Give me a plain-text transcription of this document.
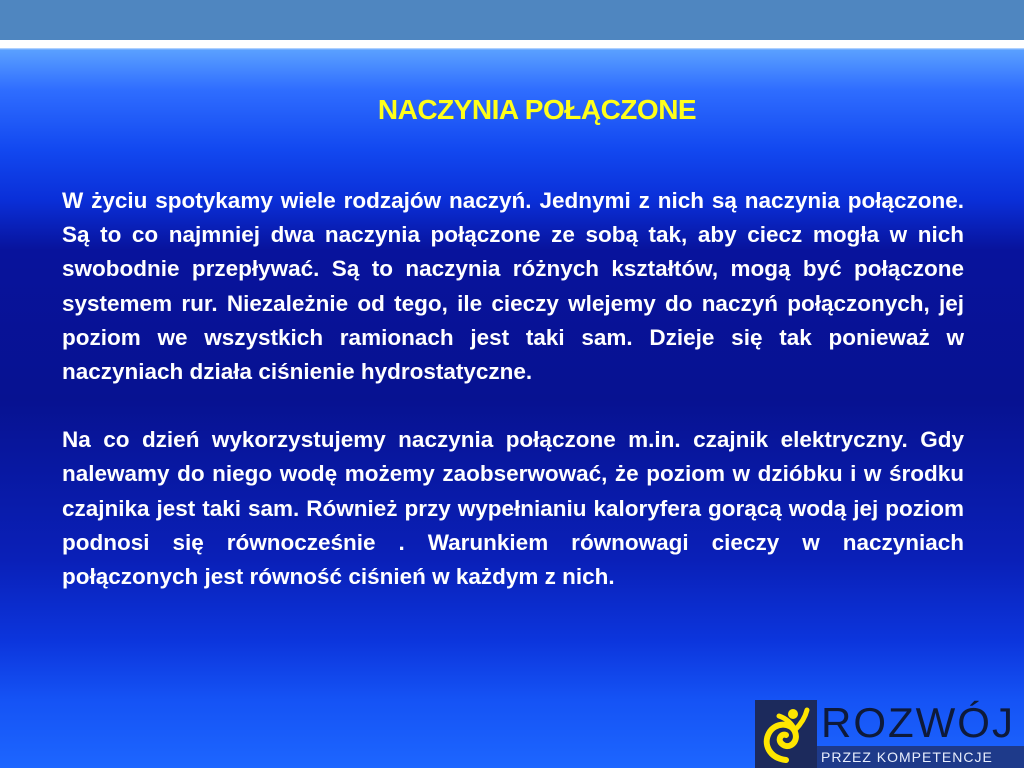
NACZYNIA POŁĄCZONE

W życiu spotykamy wiele rodzajów naczyń. Jednymi z nich są naczynia połączone. Są to co najmniej dwa naczynia połączone ze sobą tak, aby ciecz mogła w nich swobodnie przepływać. Są to naczynia różnych kształtów, mogą być połączone systemem rur. Niezależnie od tego, ile cieczy wlejemy do naczyń połączonych, jej poziom we wszystkich ramionach jest taki sam. Dzieje się tak ponieważ w naczyniach działa ciśnienie hydrostatyczne.

Na co dzień wykorzystujemy naczynia połączone m.in. czajnik elektryczny. Gdy nalewamy do niego wodę możemy zaobserwować, że poziom w dzióbku i w środku czajnika jest taki sam. Również przy wypełnianiu kaloryfera gorącą wodą jej poziom podnosi się równocześnie . Warunkiem równowagi cieczy w naczyniach połączonych jest równość ciśnień w każdym z nich.

ROZWÓJ
PRZEZ KOMPETENCJE
